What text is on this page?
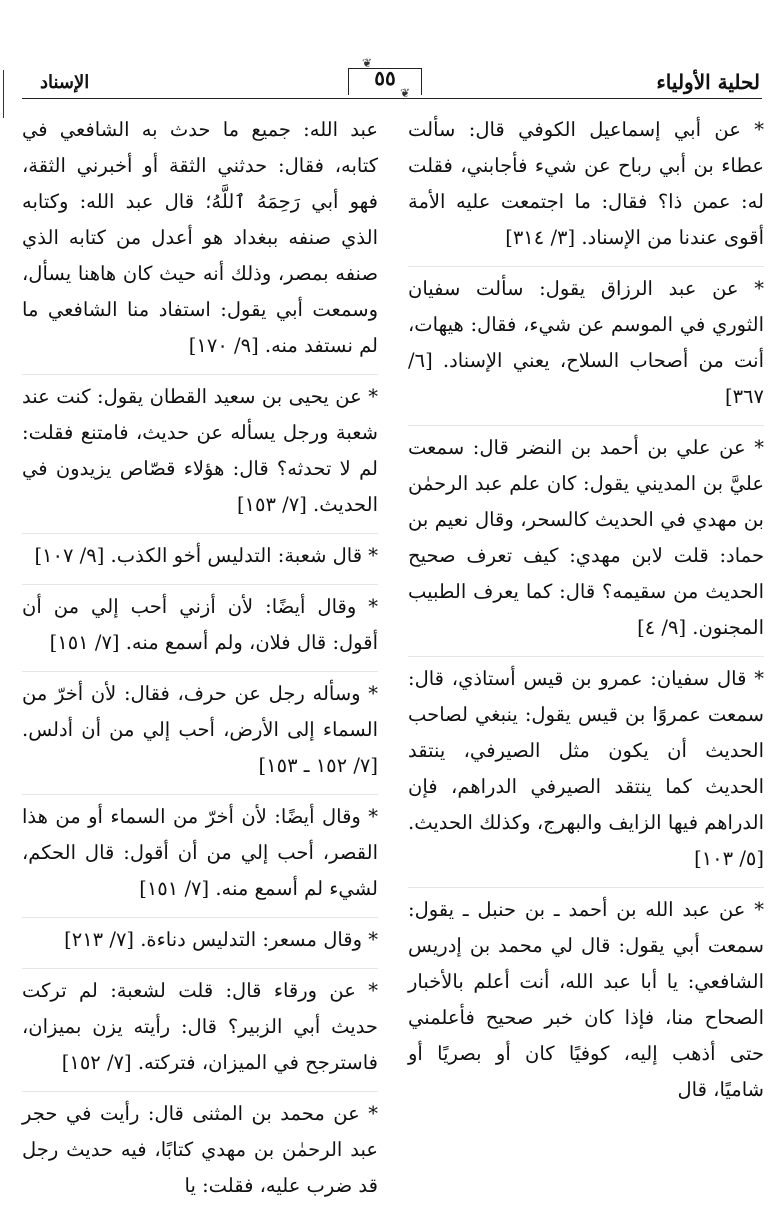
لحلية الأولياء
❦
٥٥
❦
الإسناد

* عن أبي إسماعيل الكوفي قال: سألت عطاء بن أبي رباح عن شيء فأجابني، فقلت له: عمن ذا؟ فقال: ما اجتمعت عليه الأمة أقوى عندنا من الإسناد. [٣/ ٣١٤]

* عن عبد الرزاق يقول: سألت سفيان الثوري في الموسم عن شيء، فقال: هيهات، أنت من أصحاب السلاح، يعني الإسناد. [٦/ ٣٦٧]

* عن علي بن أحمد بن النضر قال: سمعت عليَّ بن المديني يقول: كان علم عبد الرحمٰن بن مهدي في الحديث كالسحر، وقال نعيم بن حماد: قلت لابن مهدي: كيف تعرف صحيح الحديث من سقيمه؟ قال: كما يعرف الطبيب المجنون. [٩/ ٤]

* قال سفيان: عمرو بن قيس أستاذي، قال: سمعت عمروًا بن قيس يقول: ينبغي لصاحب الحديث أن يكون مثل الصيرفي، ينتقد الحديث كما ينتقد الصيرفي الدراهم، فإن الدراهم فيها الزايف والبهرج، وكذلك الحديث. [٥/ ١٠٣]

* عن عبد الله بن أحمد ـ بن حنبل ـ يقول: سمعت أبي يقول: قال لي محمد بن إدريس الشافعي: يا أبا عبد الله، أنت أعلم بالأخبار الصحاح منا، فإذا كان خبر صحيح فأعلمني حتى أذهب إليه، كوفيًا كان أو بصريًا أو شاميًا، قال

عبد الله: جميع ما حدث به الشافعي في كتابه، فقال: حدثني الثقة أو أخبرني الثقة، فهو أبي رَحِمَهُ ٱللَّهُ؛ قال عبد الله: وكتابه الذي صنفه ببغداد هو أعدل من كتابه الذي صنفه بمصر، وذلك أنه حيث كان هاهنا يسأل، وسمعت أبي يقول: استفاد منا الشافعي ما لم نستفد منه. [٩/ ١٧٠]

* عن يحيى بن سعيد القطان يقول: كنت عند شعبة ورجل يسأله عن حديث، فامتنع فقلت: لم لا تحدثه؟ قال: هؤلاء قصّاص يزيدون في الحديث. [٧/ ١٥٣]

* قال شعبة: التدليس أخو الكذب. [٩/ ١٠٧]

* وقال أيضًا: لأن أزني أحب إلي من أن أقول: قال فلان، ولم أسمع منه. [٧/ ١٥١]

* وسأله رجل عن حرف، فقال: لأن أخرّ من السماء إلى الأرض، أحب إلي من أن أدلس. [٧/ ١٥٢ ـ ١٥٣]

* وقال أيضًا: لأن أخرّ من السماء أو من هذا القصر، أحب إلي من أن أقول: قال الحكم، لشيء لم أسمع منه. [٧/ ١٥١]

* وقال مسعر: التدليس دناءة. [٧/ ٢١٣]

* عن ورقاء قال: قلت لشعبة: لم تركت حديث أبي الزبير؟ قال: رأيته يزن بميزان، فاسترجح في الميزان، فتركته. [٧/ ١٥٢]

* عن محمد بن المثنى قال: رأيت في حجر عبد الرحمٰن بن مهدي كتابًا، فيه حديث رجل قد ضرب عليه، فقلت: يا
